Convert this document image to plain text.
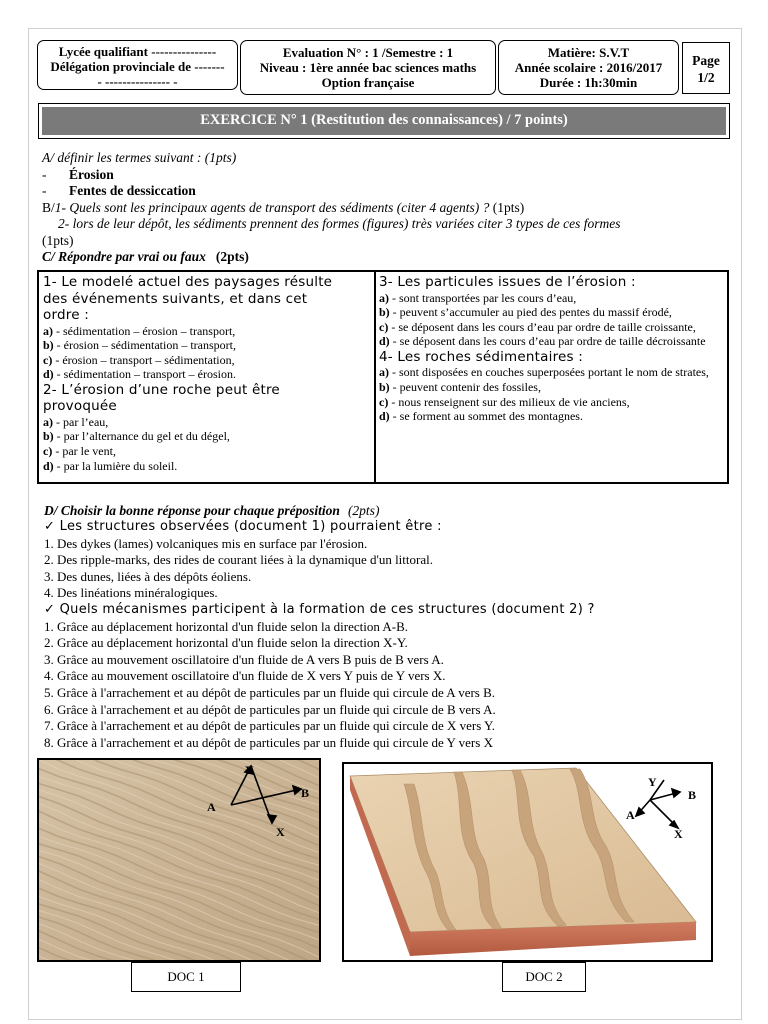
Lycée qualifiant ---------------
Délégation provinciale de -------
- --------------- -
Evaluation N° : 1 /Semestre : 1
Niveau : 1ère année bac sciences maths
Option française
Matière: S.V.T
Année scolaire : 2016/2017
Durée : 1h:30min
Page
1/2
EXERCICE N° 1 (Restitution des connaissances) / 7 points)

A/ définir les termes suivant : (1pts)

- Érosion

- Fentes de dessiccation

B/1- Quels sont les principaux agents de transport des sédiments (citer 4 agents) ? (1pts)

2- lors de leur dépôt, les sédiments prennent des formes (figures) très variées citer 3 types de ces formes

(1pts)

C/ Répondre par vrai ou faux (2pts)

1- Le modelé actuel des paysages résulte

des événements suivants, et dans cet

ordre :

a) - sédimentation – érosion – transport,

b) - érosion – sédimentation – transport,

c) - érosion – transport – sédimentation,

d) - sédimentation – transport – érosion.

2- L’érosion d’une roche peut être

provoquée

a) - par l’eau,

b) - par l’alternance du gel et du dégel,

c) - par le vent,

d) - par la lumière du soleil.

3- Les particules issues de l’érosion :

a) - sont transportées par les cours d’eau,

b) - peuvent s’accumuler au pied des pentes du massif érodé,

c) - se déposent dans les cours d’eau par ordre de taille croissante,

d) - se déposent dans les cours d’eau par ordre de taille décroissante

4- Les roches sédimentaires :

a) - sont disposées en couches superposées portant le nom de strates,

b) - peuvent contenir des fossiles,

c) - nous renseignent sur des milieux de vie anciens,

d) - se forment au sommet des montagnes.

D/ Choisir la bonne réponse pour chaque préposition (2pts)

✓ Les structures observées (document 1) pourraient être :

1. Des dykes (lames) volcaniques mis en surface par l'érosion.

2. Des ripple-marks, des rides de courant liées à la dynamique d'un littoral.

3. Des dunes, liées à des dépôts éoliens.

4. Des linéations minéralogiques.

✓ Quels mécanismes participent à la formation de ces structures (document 2) ?

1. Grâce au déplacement horizontal d'un fluide selon la direction A-B.

2. Grâce au déplacement horizontal d'un fluide selon la direction X-Y.

3. Grâce au mouvement oscillatoire d'un fluide de A vers B puis de B vers A.

4. Grâce au mouvement oscillatoire d'un fluide de X vers Y puis de Y vers X.

5. Grâce à l'arrachement et au dépôt de particules par un fluide qui circule de A vers B.

6. Grâce à l'arrachement et au dépôt de particules par un fluide qui circule de B vers A.

7. Grâce à l'arrachement et au dépôt de particules par un fluide qui circule de X vers Y.

8. Grâce à l'arrachement et au dépôt de particules par un fluide qui circule de Y vers X

A
B
Y
X
A
B
Y
X
DOC 1	DOC 2
